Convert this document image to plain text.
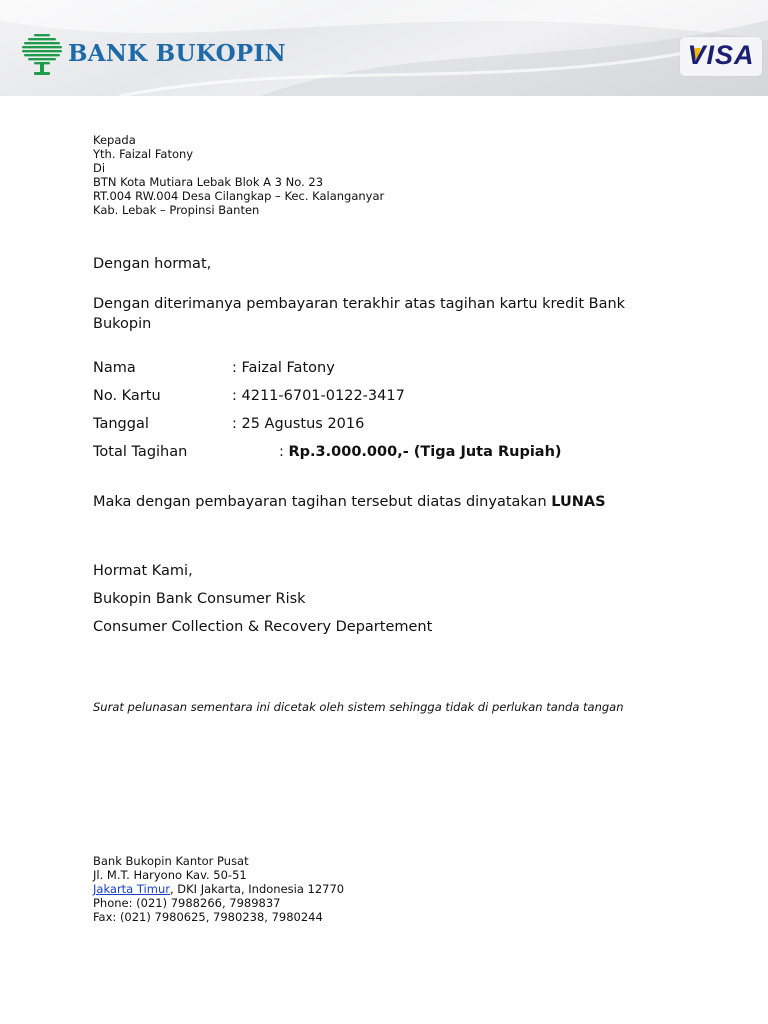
BANK BUKOPIN	VISA
Kepada
Yth. Faizal Fatony
Di
BTN Kota Mutiara Lebak Blok A 3 No. 23
RT.004 RW.004 Desa Cilangkap – Kec. Kalanganyar
Kab. Lebak – Propinsi Banten
Dengan hormat,
Dengan diterimanya pembayaran terakhir atas tagihan kartu kredit Bank Bukopin
Nama	: Faizal Fatony
No. Kartu	: 4211-6701-0122-3417
Tanggal	: 25 Agustus 2016
Total Tagihan	: Rp.3.000.000,- (Tiga Juta Rupiah)
Maka dengan pembayaran tagihan tersebut diatas dinyatakan LUNAS
Hormat Kami,
Bukopin Bank Consumer Risk
Consumer Collection & Recovery Departement
Surat pelunasan sementara ini dicetak oleh sistem sehingga tidak di perlukan tanda tangan
Bank Bukopin Kantor Pusat
Jl. M.T. Haryono Kav. 50-51
Jakarta Timur, DKI Jakarta, Indonesia 12770
Phone: (021) 7988266, 7989837
Fax: (021) 7980625, 7980238, 7980244
